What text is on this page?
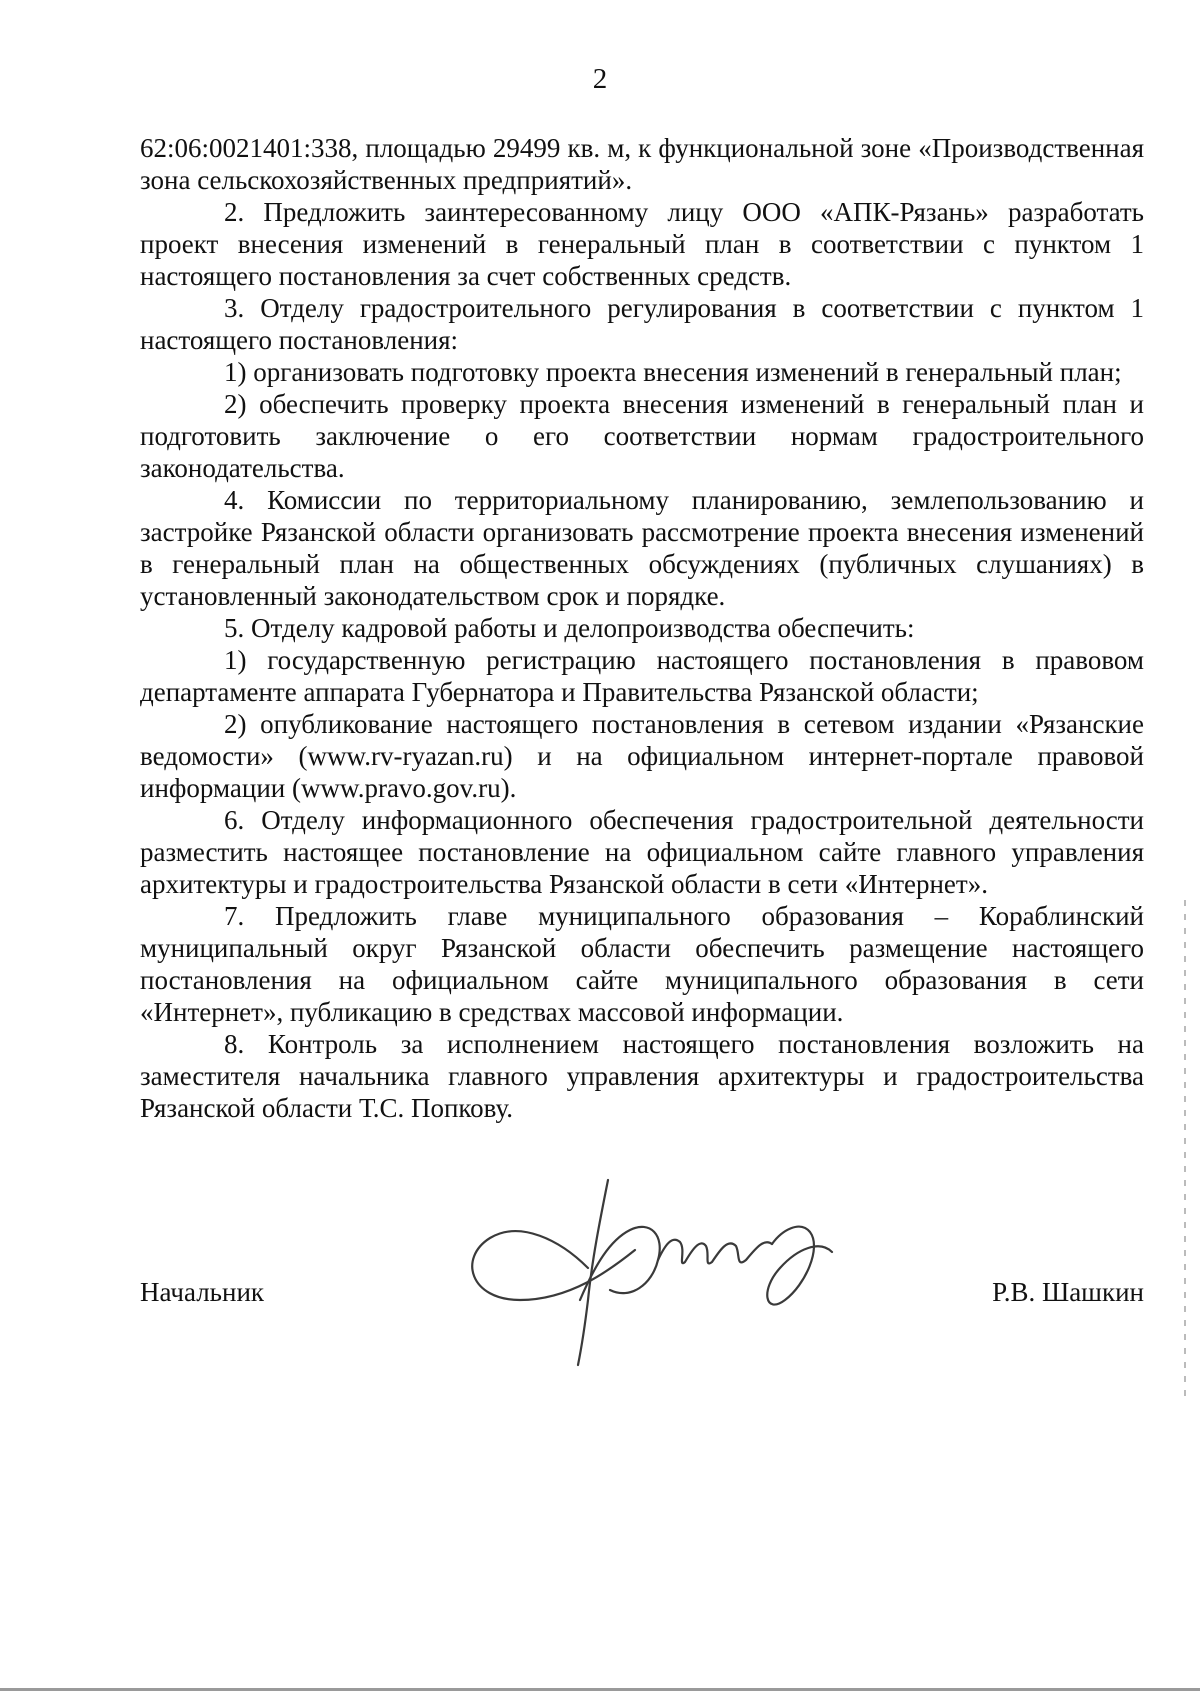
2

62:06:0021401:338, площадью 29499 кв. м, к функциональной зоне «Производственная зона сельскохозяйственных предприятий».

2. Предложить заинтересованному лицу ООО «АПК-Рязань» разработать проект внесения изменений в генеральный план в соответствии с пунктом 1 настоящего постановления за счет собственных средств.

3. Отделу градостроительного регулирования в соответствии с пунктом 1 настоящего постановления:

1) организовать подготовку проекта внесения изменений в генеральный план;

2) обеспечить проверку проекта внесения изменений в генеральный план и подготовить заключение о его соответствии нормам градостроительного законодательства.

4. Комиссии по территориальному планированию, землепользованию и застройке Рязанской области организовать рассмотрение проекта внесения изменений в генеральный план на общественных обсуждениях (публичных слушаниях) в установленный законодательством срок и порядке.

5. Отделу кадровой работы и делопроизводства обеспечить:

1) государственную регистрацию настоящего постановления в правовом департаменте аппарата Губернатора и Правительства Рязанской области;

2) опубликование настоящего постановления в сетевом издании «Рязанские ведомости» (www.rv-ryazan.ru) и на официальном интернет-портале правовой информации (www.pravo.gov.ru).

6. Отделу информационного обеспечения градостроительной деятельности разместить настоящее постановление на официальном сайте главного управления архитектуры и градостроительства Рязанской области в сети «Интернет».

7. Предложить главе муниципального образования – Кораблинский муниципальный округ Рязанской области обеспечить размещение настоящего постановления на официальном сайте муниципального образования в сети «Интернет», публикацию в средствах массовой информации.

8. Контроль за исполнением настоящего постановления возложить на заместителя начальника главного управления архитектуры и градостроительства Рязанской области Т.С. Попкову.

Начальник	Р.В. Шашкин
